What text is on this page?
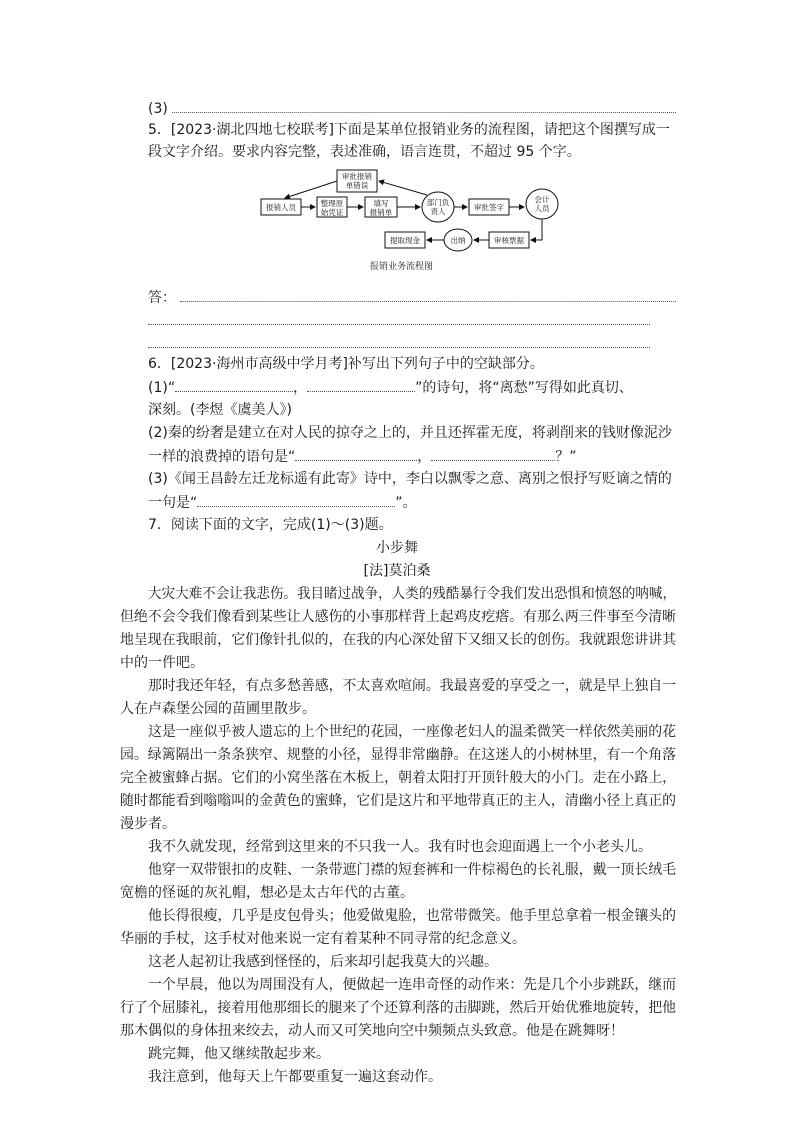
(3)
5．[2023·湖北四地七校联考]下面是某单位报销业务的流程图，请把这个图撰写成一
段文字介绍。要求内容完整，表述准确，语言连贯，不超过 95 个字。
审批报销
单错误
报销人员	整理原
始凭证
填写
报销单
部门负
责人	审批签字
会计
人员
审核票据
出纳
提取现金
报销业务流程图
答：
6．[2023·海州市高级中学月考]补写出下列句子中的空缺部分。
(1)“	，	”的诗句，将“离愁”写得如此真切、
深刻。(李煜《虞美人》)
(2)秦的纷奢是建立在对人民的掠夺之上的，并且还挥霍无度，将剥削来的钱财像泥沙
一样的浪费掉的语句是“	，	？”
(3)《闻王昌龄左迁龙标遥有此寄》诗中，李白以飘零之意、离别之恨抒写贬谪之情的
一句是“	”。
7．阅读下面的文字，完成(1)～(3)题。
小步舞
[法]莫泊桑
大灾大难不会让我悲伤。我目睹过战争，人类的残酷暴行令我们发出恐惧和愤怒的呐喊，
但绝不会令我们像看到某些让人感伤的小事那样背上起鸡皮疙瘩。有那么两三件事至今清晰
地呈现在我眼前，它们像针扎似的，在我的内心深处留下又细又长的创伤。我就跟您讲讲其
中的一件吧。
那时我还年轻，有点多愁善感，不太喜欢喧闹。我最喜爱的享受之一，就是早上独自一
人在卢森堡公园的苗圃里散步。
这是一座似乎被人遗忘的上个世纪的花园，一座像老妇人的温柔微笑一样依然美丽的花
园。绿篱隔出一条条狭窄、规整的小径，显得非常幽静。在这迷人的小树林里，有一个角落
完全被蜜蜂占据。它们的小窝坐落在木板上，朝着太阳打开顶针般大的小门。走在小路上，
随时都能看到嗡嗡叫的金黄色的蜜蜂，它们是这片和平地带真正的主人，清幽小径上真正的
漫步者。
我不久就发现，经常到这里来的不只我一人。我有时也会迎面遇上一个小老头儿。
他穿一双带银扣的皮鞋、一条带遮门襟的短套裤和一件棕褐色的长礼服，戴一顶长绒毛
宽檐的怪诞的灰礼帽，想必是太古年代的古董。
他长得很瘦，几乎是皮包骨头；他爱做鬼脸，也常带微笑。他手里总拿着一根金镶头的
华丽的手杖，这手杖对他来说一定有着某种不同寻常的纪念意义。
这老人起初让我感到怪怪的，后来却引起我莫大的兴趣。
一个早晨，他以为周围没有人，便做起一连串奇怪的动作来：先是几个小步跳跃，继而
行了个屈膝礼，接着用他那细长的腿来了个还算利落的击脚跳，然后开始优雅地旋转，把他
那木偶似的身体扭来绞去，动人而又可笑地向空中频频点头致意。他是在跳舞呀！
跳完舞，他又继续散起步来。
我注意到，他每天上午都要重复一遍这套动作。
